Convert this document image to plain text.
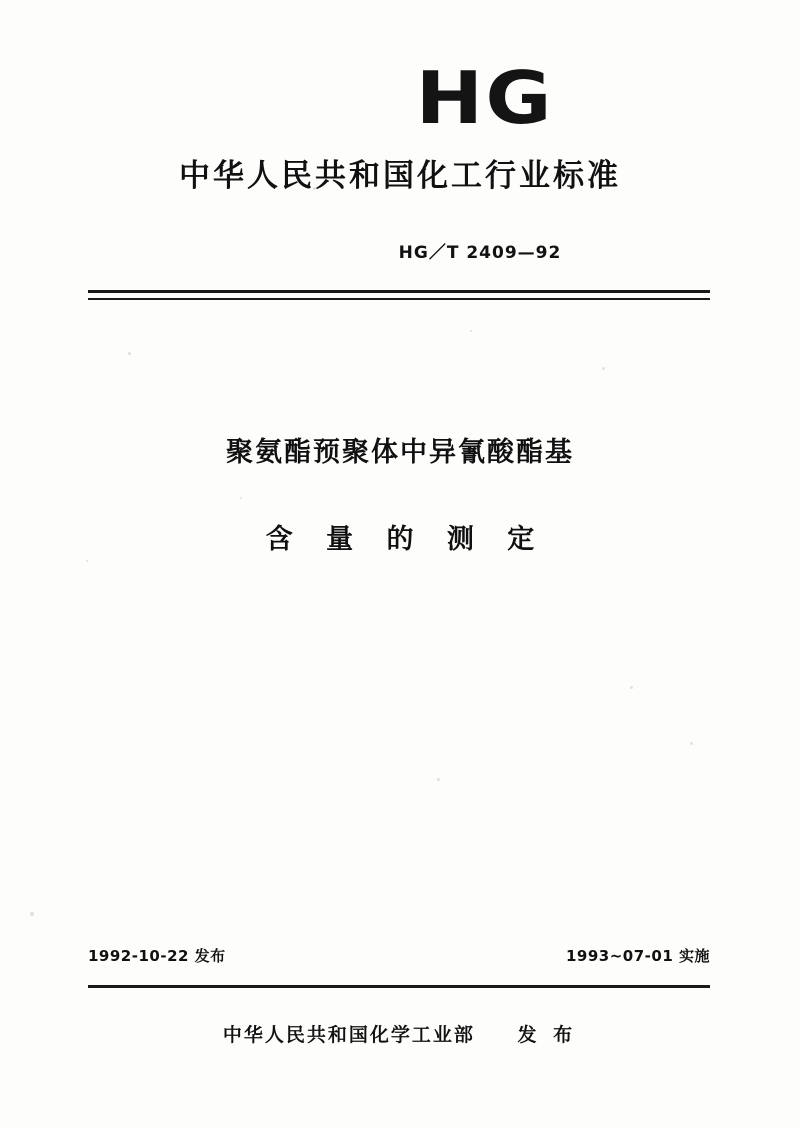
HG
中华人民共和国化工行业标准
HG／T 2409—92
聚氨酯预聚体中异氰酸酯基
含 量 的 测 定
1992-10-22 发布	1993~07-01 实施
中华人民共和国化学工业部 发 布
